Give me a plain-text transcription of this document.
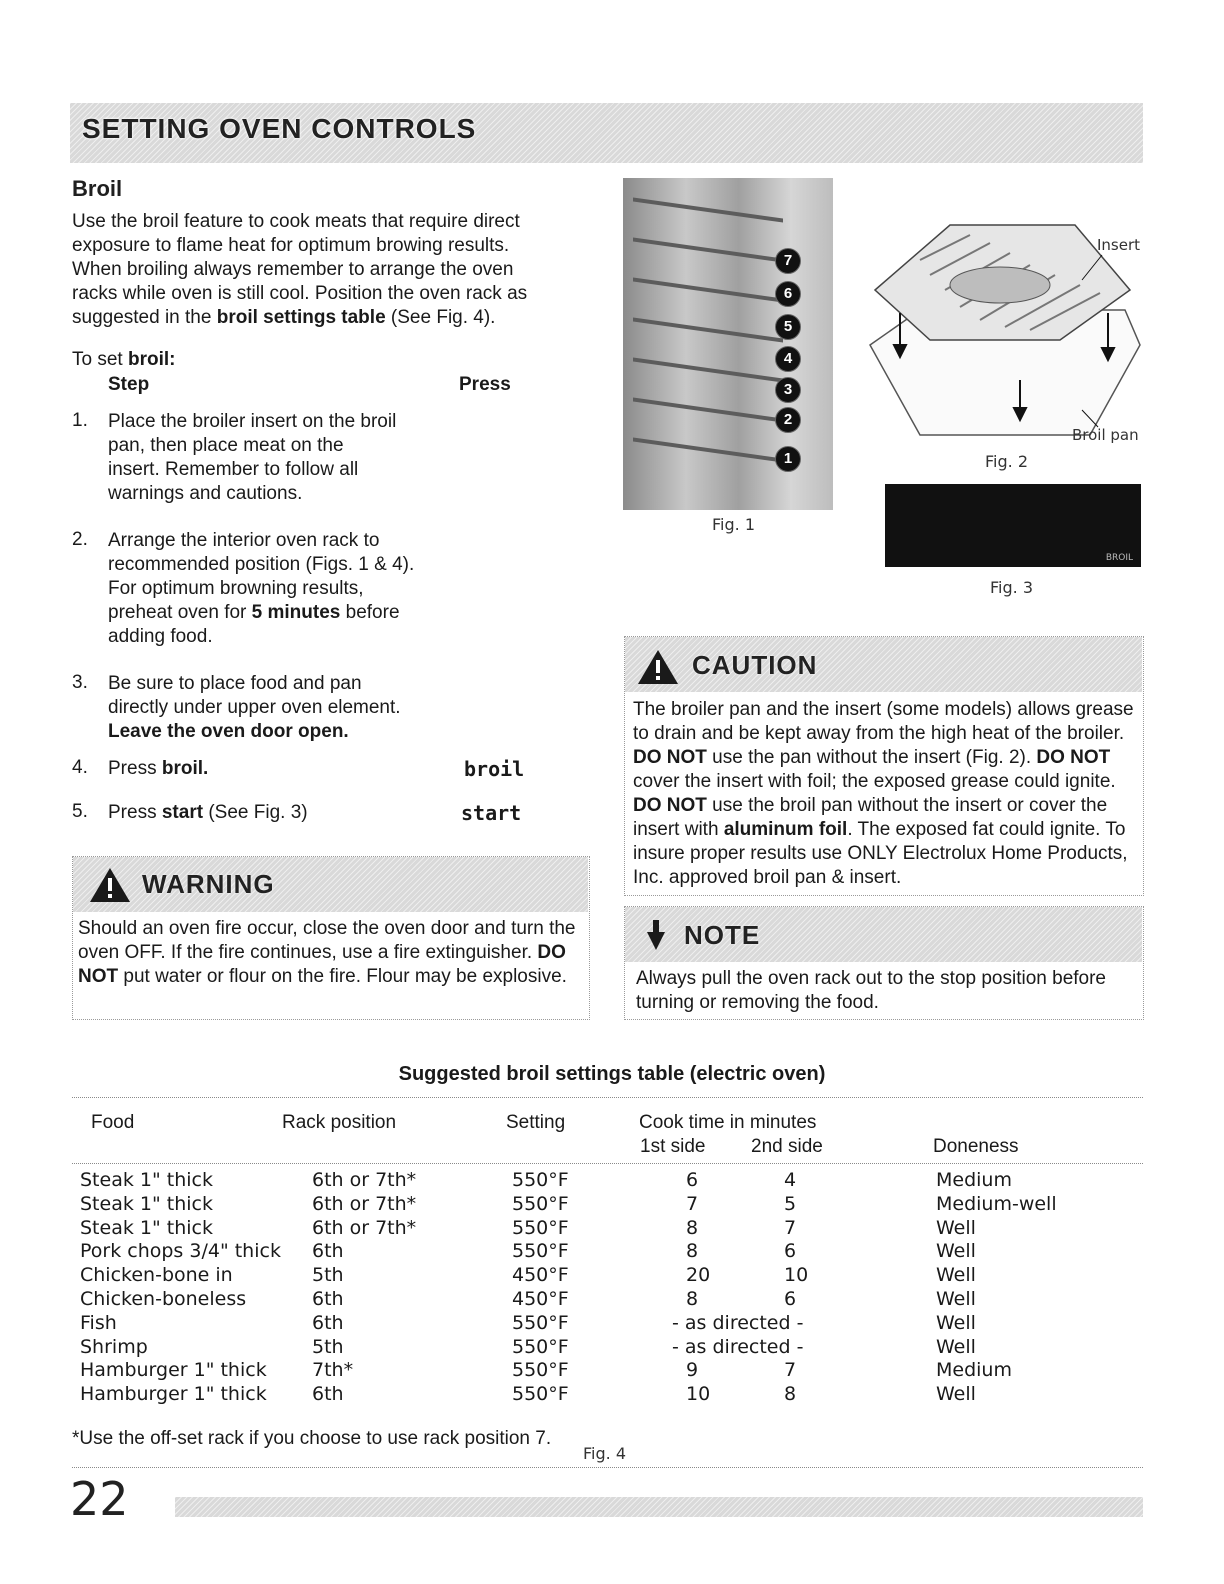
SETTING OVEN CONTROLS
Broil
Use the broil feature to cook meats that require direct exposure to flame heat for optimum browing results. When broiling always remember to arrange the oven racks while oven is still cool. Position the oven rack as suggested in the broil settings table (See Fig. 4).
To set broil:
Step	Press
1. Place the broiler insert on the broil pan, then place meat on the insert. Remember to follow all warnings and cautions.
2. Arrange the interior oven rack to recommended position (Figs. 1 & 4). For optimum browning results, preheat oven for 5 minutes before adding food.
3. Be sure to place food and pan directly under upper oven element.
Leave the oven door open.
4. Press broil.	broil
5. Press start (See Fig. 3)	start
WARNING
Should an oven fire occur, close the oven door and turn the oven OFF. If the fire continues, use a fire extinguisher. DO NOT put water or flour on the fire. Flour may be explosive.
7
6
5
4
3
2
1
Fig. 1
Insert
Broil pan
Fig. 2
BROIL
Fig. 3
CAUTION
The broiler pan and the insert (some models) allows grease to drain and be kept away from the high heat of the broiler. DO NOT use the pan without the insert (Fig. 2). DO NOT cover the insert with foil; the exposed grease could ignite. DO NOT use the broil pan without the insert or cover the insert with aluminum foil. The exposed fat could ignite. To insure proper results use ONLY Electrolux Home Products, Inc. approved broil pan & insert.
NOTE
Always pull the oven rack out to the stop position before turning or removing the food.
Suggested broil settings table (electric oven)
Food	Rack position	Setting	Cook time in minutes
1st side 2nd side	Doneness
Steak 1" thick	6th or 7th*	550°F	6	4	Medium
Steak 1" thick	6th or 7th*	550°F	7	5	Medium-well
Steak 1" thick	6th or 7th*	550°F	8	7	Well
Pork chops 3/4" thick 6th	550°F	8	6	Well
Chicken-bone in	5th	450°F	20	10	Well
Chicken-boneless	6th	450°F	8	6	Well
Fish	6th	550°F	- as directed -	Well
Shrimp	5th	550°F	- as directed -	Well
Hamburger 1" thick 7th*	550°F	9	7	Medium
Hamburger 1" thick 6th	550°F	10	8	Well
*Use the off-set rack if you choose to use rack position 7.
Fig. 4
22
